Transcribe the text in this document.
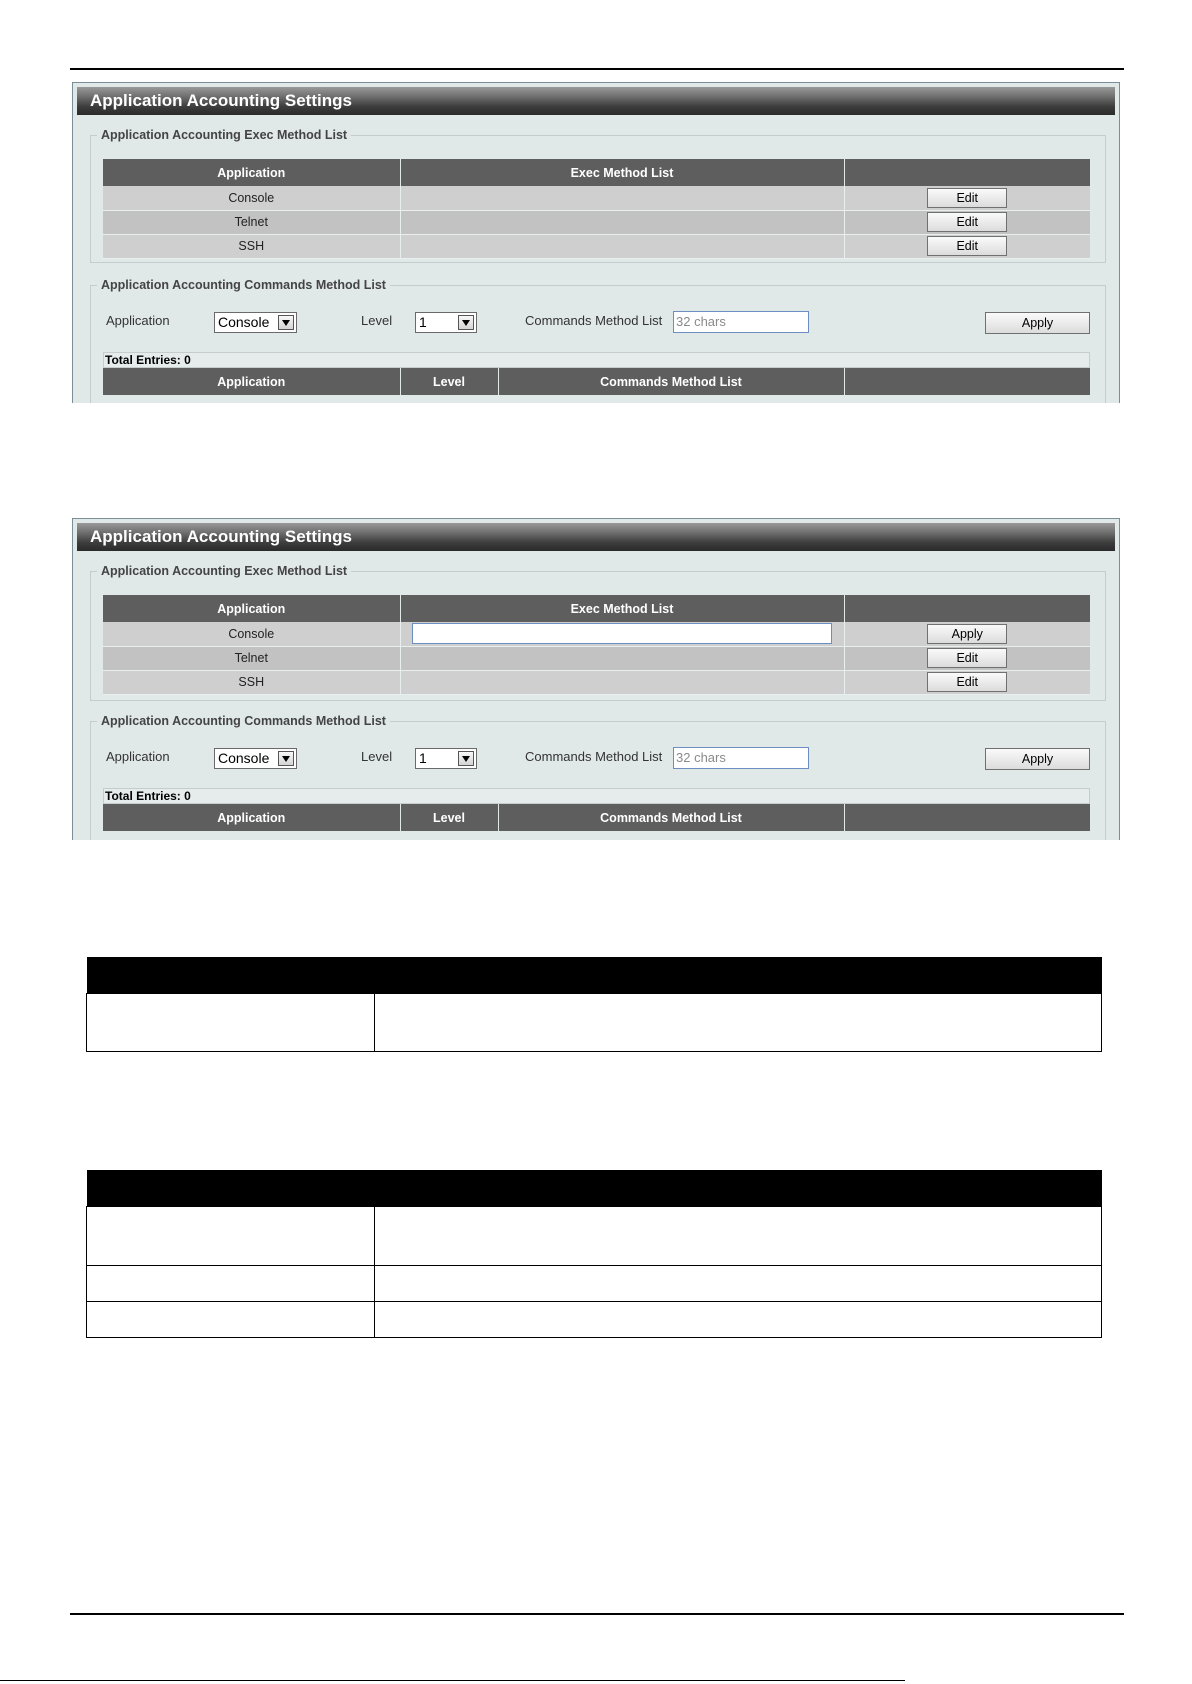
Application Accounting Settings
Application Accounting Exec Method List
Application	Exec Method List	
Console		Edit
Telnet		Edit
SSH		Edit
Application Accounting Commands Method List
Application	Console	Level 1	Commands Method List 32 chars	Apply
Total Entries: 0
Application	Level	Commands Method List	
Application Accounting Settings
Application Accounting Exec Method List
Application	Exec Method List	
Console		Apply
Telnet		Edit
SSH		Edit
Application Accounting Commands Method List
Application	Console	Level 1	Commands Method List 32 chars	Apply
Total Entries: 0
Application	Level	Commands Method List	
